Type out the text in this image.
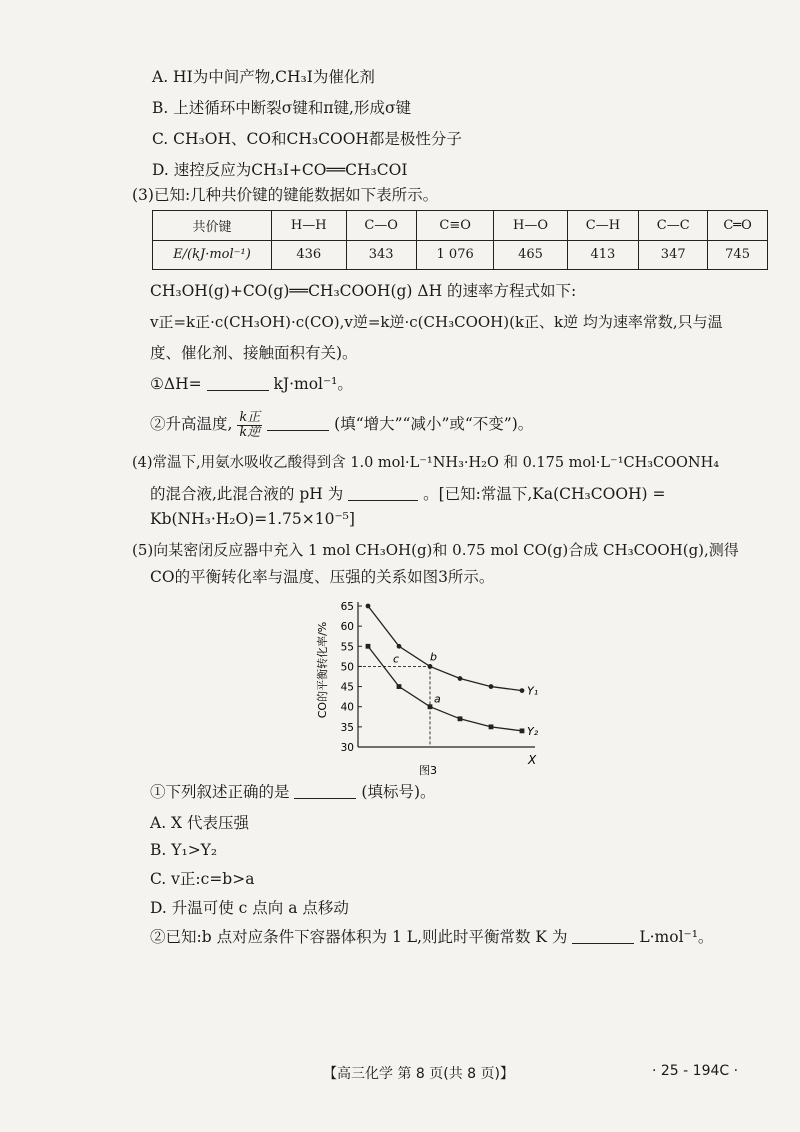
A. HI为中间产物,CH₃I为催化剂
B. 上述循环中断裂σ键和π键,形成σ键
C. CH₃OH、CO和CH₃COOH都是极性分子
D. 速控反应为CH₃I+CO══CH₃COI
(3)已知:几种共价键的键能数据如下表所示。
共价键	H—H	C—O	C≡O	H—O	C—H	C—C	C═O
E/(kJ·mol⁻¹)	436	343	1 076	465	413	347	745
CH₃OH(g)+CO(g)══CH₃COOH(g) ΔH 的速率方程式如下:
v正=k正·c(CH₃OH)·c(CO),v逆=k逆·c(CH₃COOH)(k正、k逆 均为速率常数,只与温
度、催化剂、接触面积有关)。
①ΔH=	kJ·mol⁻¹。
②升高温度, $\frac{\text{k正}}{\text{k逆}}$	(填“增大”“减小”或“不变”)。
(4)常温下,用氨水吸收乙酸得到含 1.0 mol·L⁻¹NH₃·H₂O 和 0.175 mol·L⁻¹CH₃COONH₄
的混合液,此混合液的 pH 为	。[已知:常温下,Ka(CH₃COOH) =
Kb(NH₃·H₂O)=1.75×10⁻⁵]
(5)向某密闭反应器中充入 1 mol CH₃OH(g)和 0.75 mol CO(g)合成 CH₃COOH(g),测得
CO的平衡转化率与温度、压强的关系如图3所示。
CO的平衡转化率/%
30
35
40
45
50
55
60
65
Y₁
Y₂
a
b
c
X
图3
①下列叙述正确的是	(填标号)。
A. X 代表压强
B. Y₁>Y₂
C. v正:c=b>a
D. 升温可使 c 点向 a 点移动
②已知:b 点对应条件下容器体积为 1 L,则此时平衡常数 K 为	L·mol⁻¹。
【高三化学 第 8 页(共 8 页)】	· 25 - 194C ·
